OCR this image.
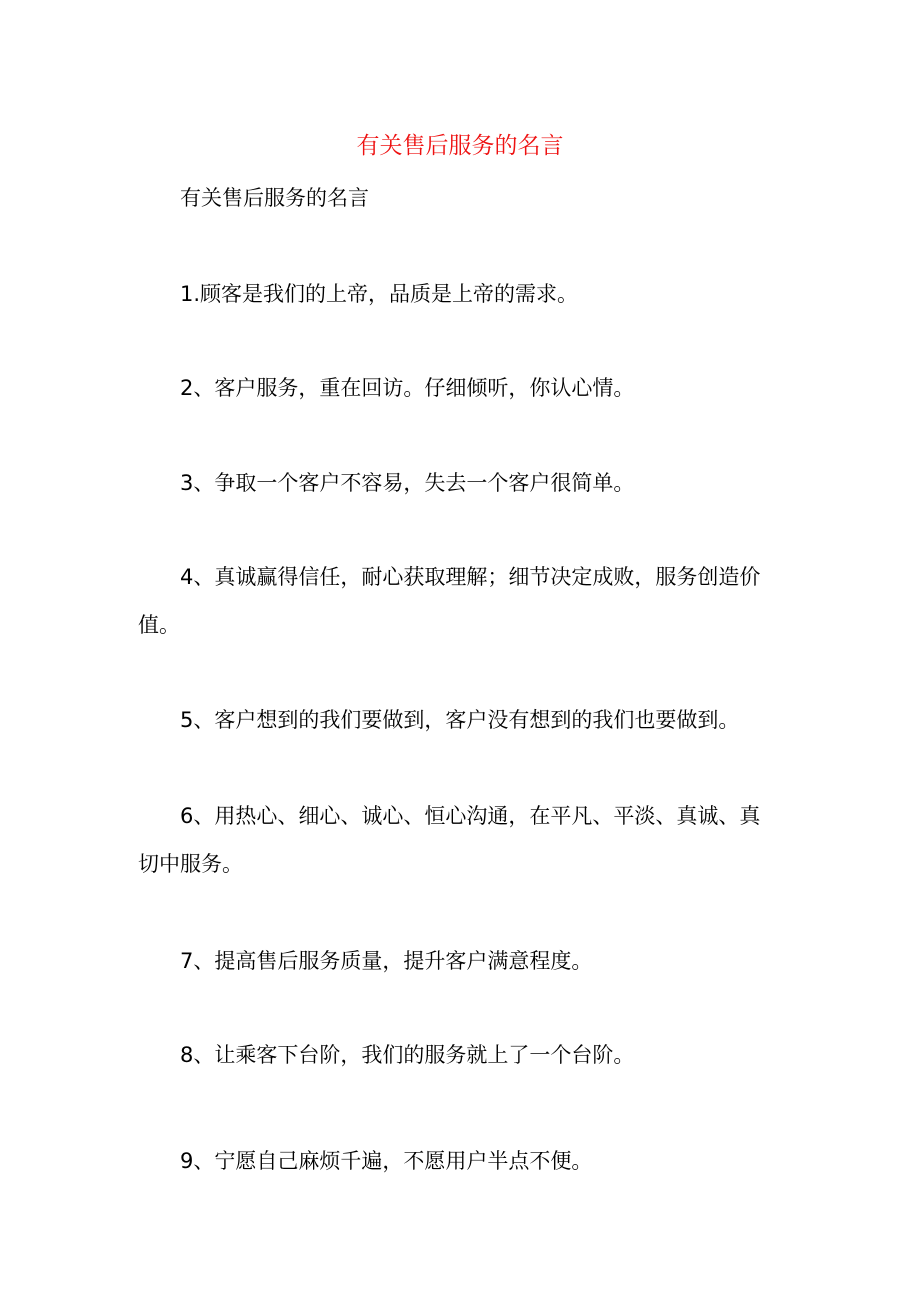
有关售后服务的名言
有关售后服务的名言
1.顾客是我们的上帝，品质是上帝的需求。
2、客户服务，重在回访。仔细倾听，你认心情。
3、争取一个客户不容易，失去一个客户很简单。
4、真诚赢得信任，耐心获取理解；细节决定成败，服务创造价值。
5、客户想到的我们要做到，客户没有想到的我们也要做到。
6、用热心、细心、诚心、恒心沟通，在平凡、平淡、真诚、真切中服务。
7、提高售后服务质量，提升客户满意程度。
8、让乘客下台阶，我们的服务就上了一个台阶。
9、宁愿自己麻烦千遍，不愿用户半点不便。
